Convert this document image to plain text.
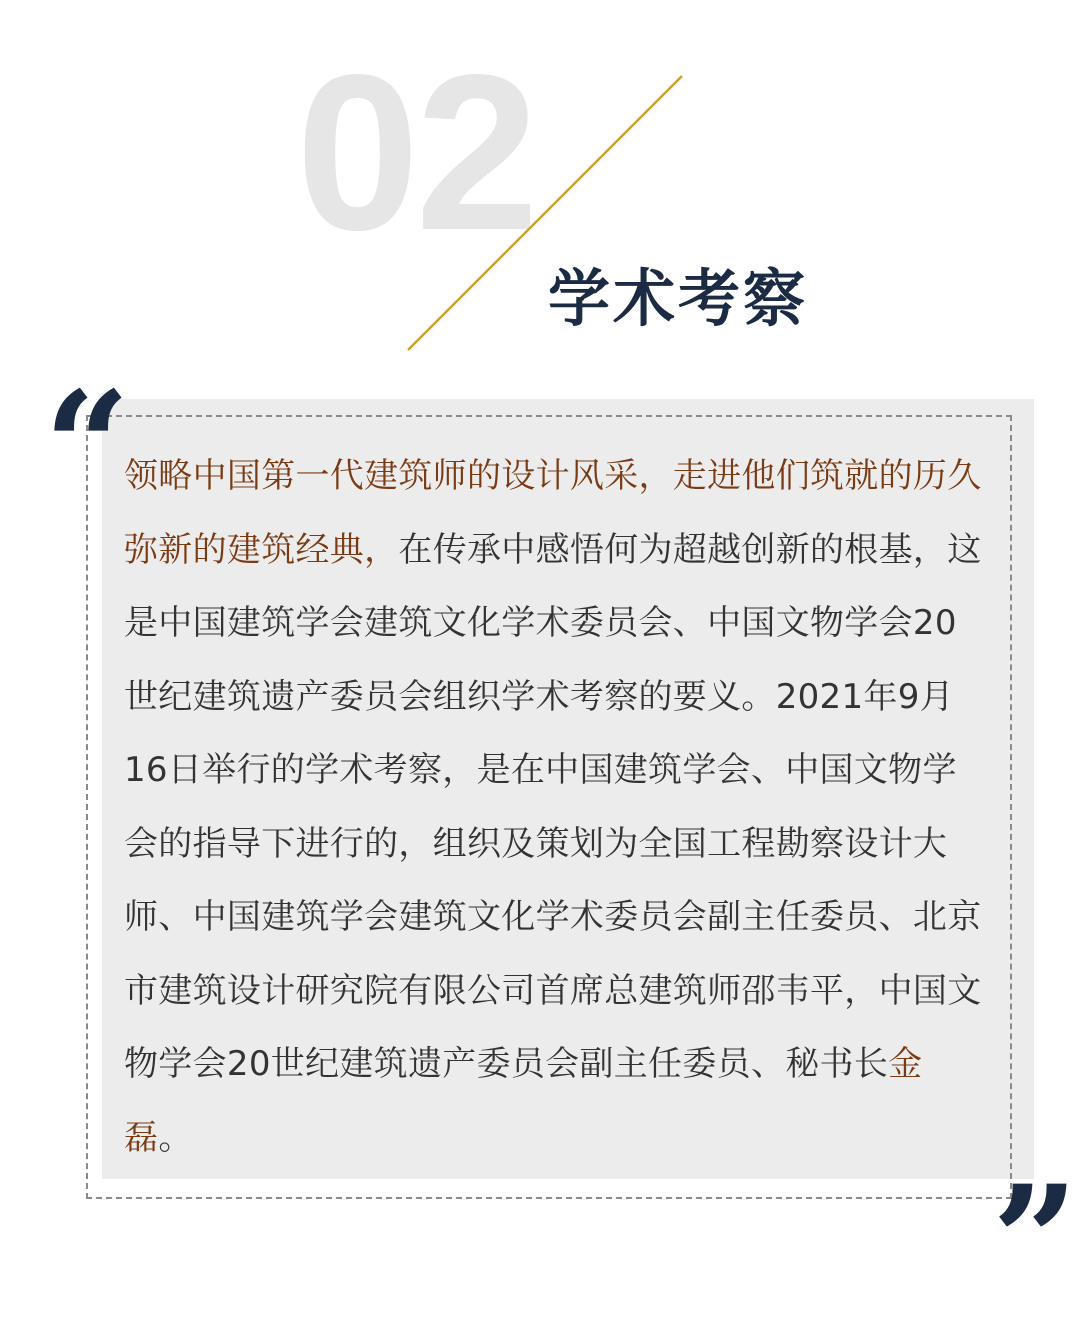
02
学术考察
“
”
领略中国第一代建筑师的设计风采，走进他们筑就的历久弥新的建筑经典，在传承中感悟何为超越创新的根基，这是中国建筑学会建筑文化学术委员会、中国文物学会20世纪建筑遗产委员会组织学术考察的要义。2021年9月16日举行的学术考察，是在中国建筑学会、中国文物学会的指导下进行的，组织及策划为全国工程勘察设计大师、中国建筑学会建筑文化学术委员会副主任委员、北京市建筑设计研究院有限公司首席总建筑师邵韦平，中国文物学会20世纪建筑遗产委员会副主任委员、秘书长金磊。
